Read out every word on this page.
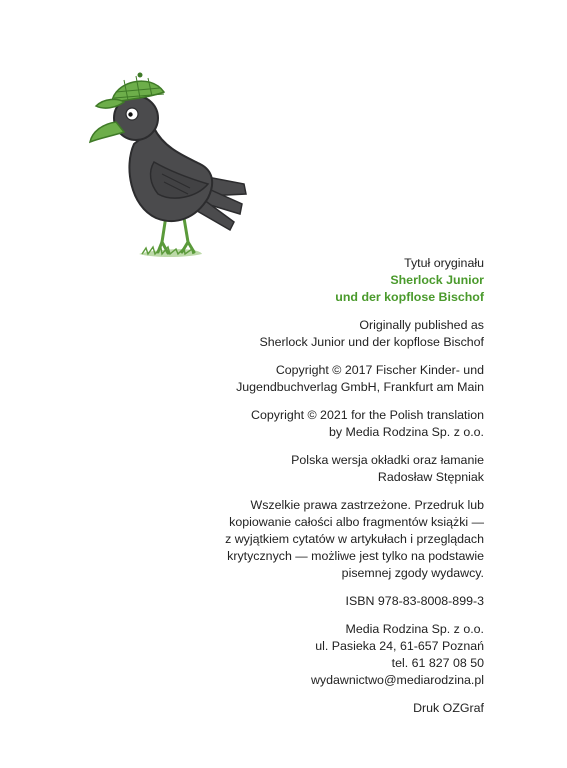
Tytuł oryginału
Sherlock Junior
und der kopflose Bischof
Originally published as
Sherlock Junior und der kopflose Bischof
Copyright © 2017 Fischer Kinder- und
Jugendbuchverlag GmbH, Frankfurt am Main
Copyright © 2021 for the Polish translation
by Media Rodzina Sp. z o.o.
Polska wersja okładki oraz łamanie
Radosław Stępniak
Wszelkie prawa zastrzeżone. Przedruk lub
kopiowanie całości albo fragmentów książki —
z wyjątkiem cytatów w artykułach i przeglądach
krytycznych — możliwe jest tylko na podstawie
pisemnej zgody wydawcy.
ISBN 978-83-8008-899-3
Media Rodzina Sp. z o.o.
ul. Pasieka 24, 61-657 Poznań
tel. 61 827 08 50
wydawnictwo@mediarodzina.pl
Druk OZGraf
